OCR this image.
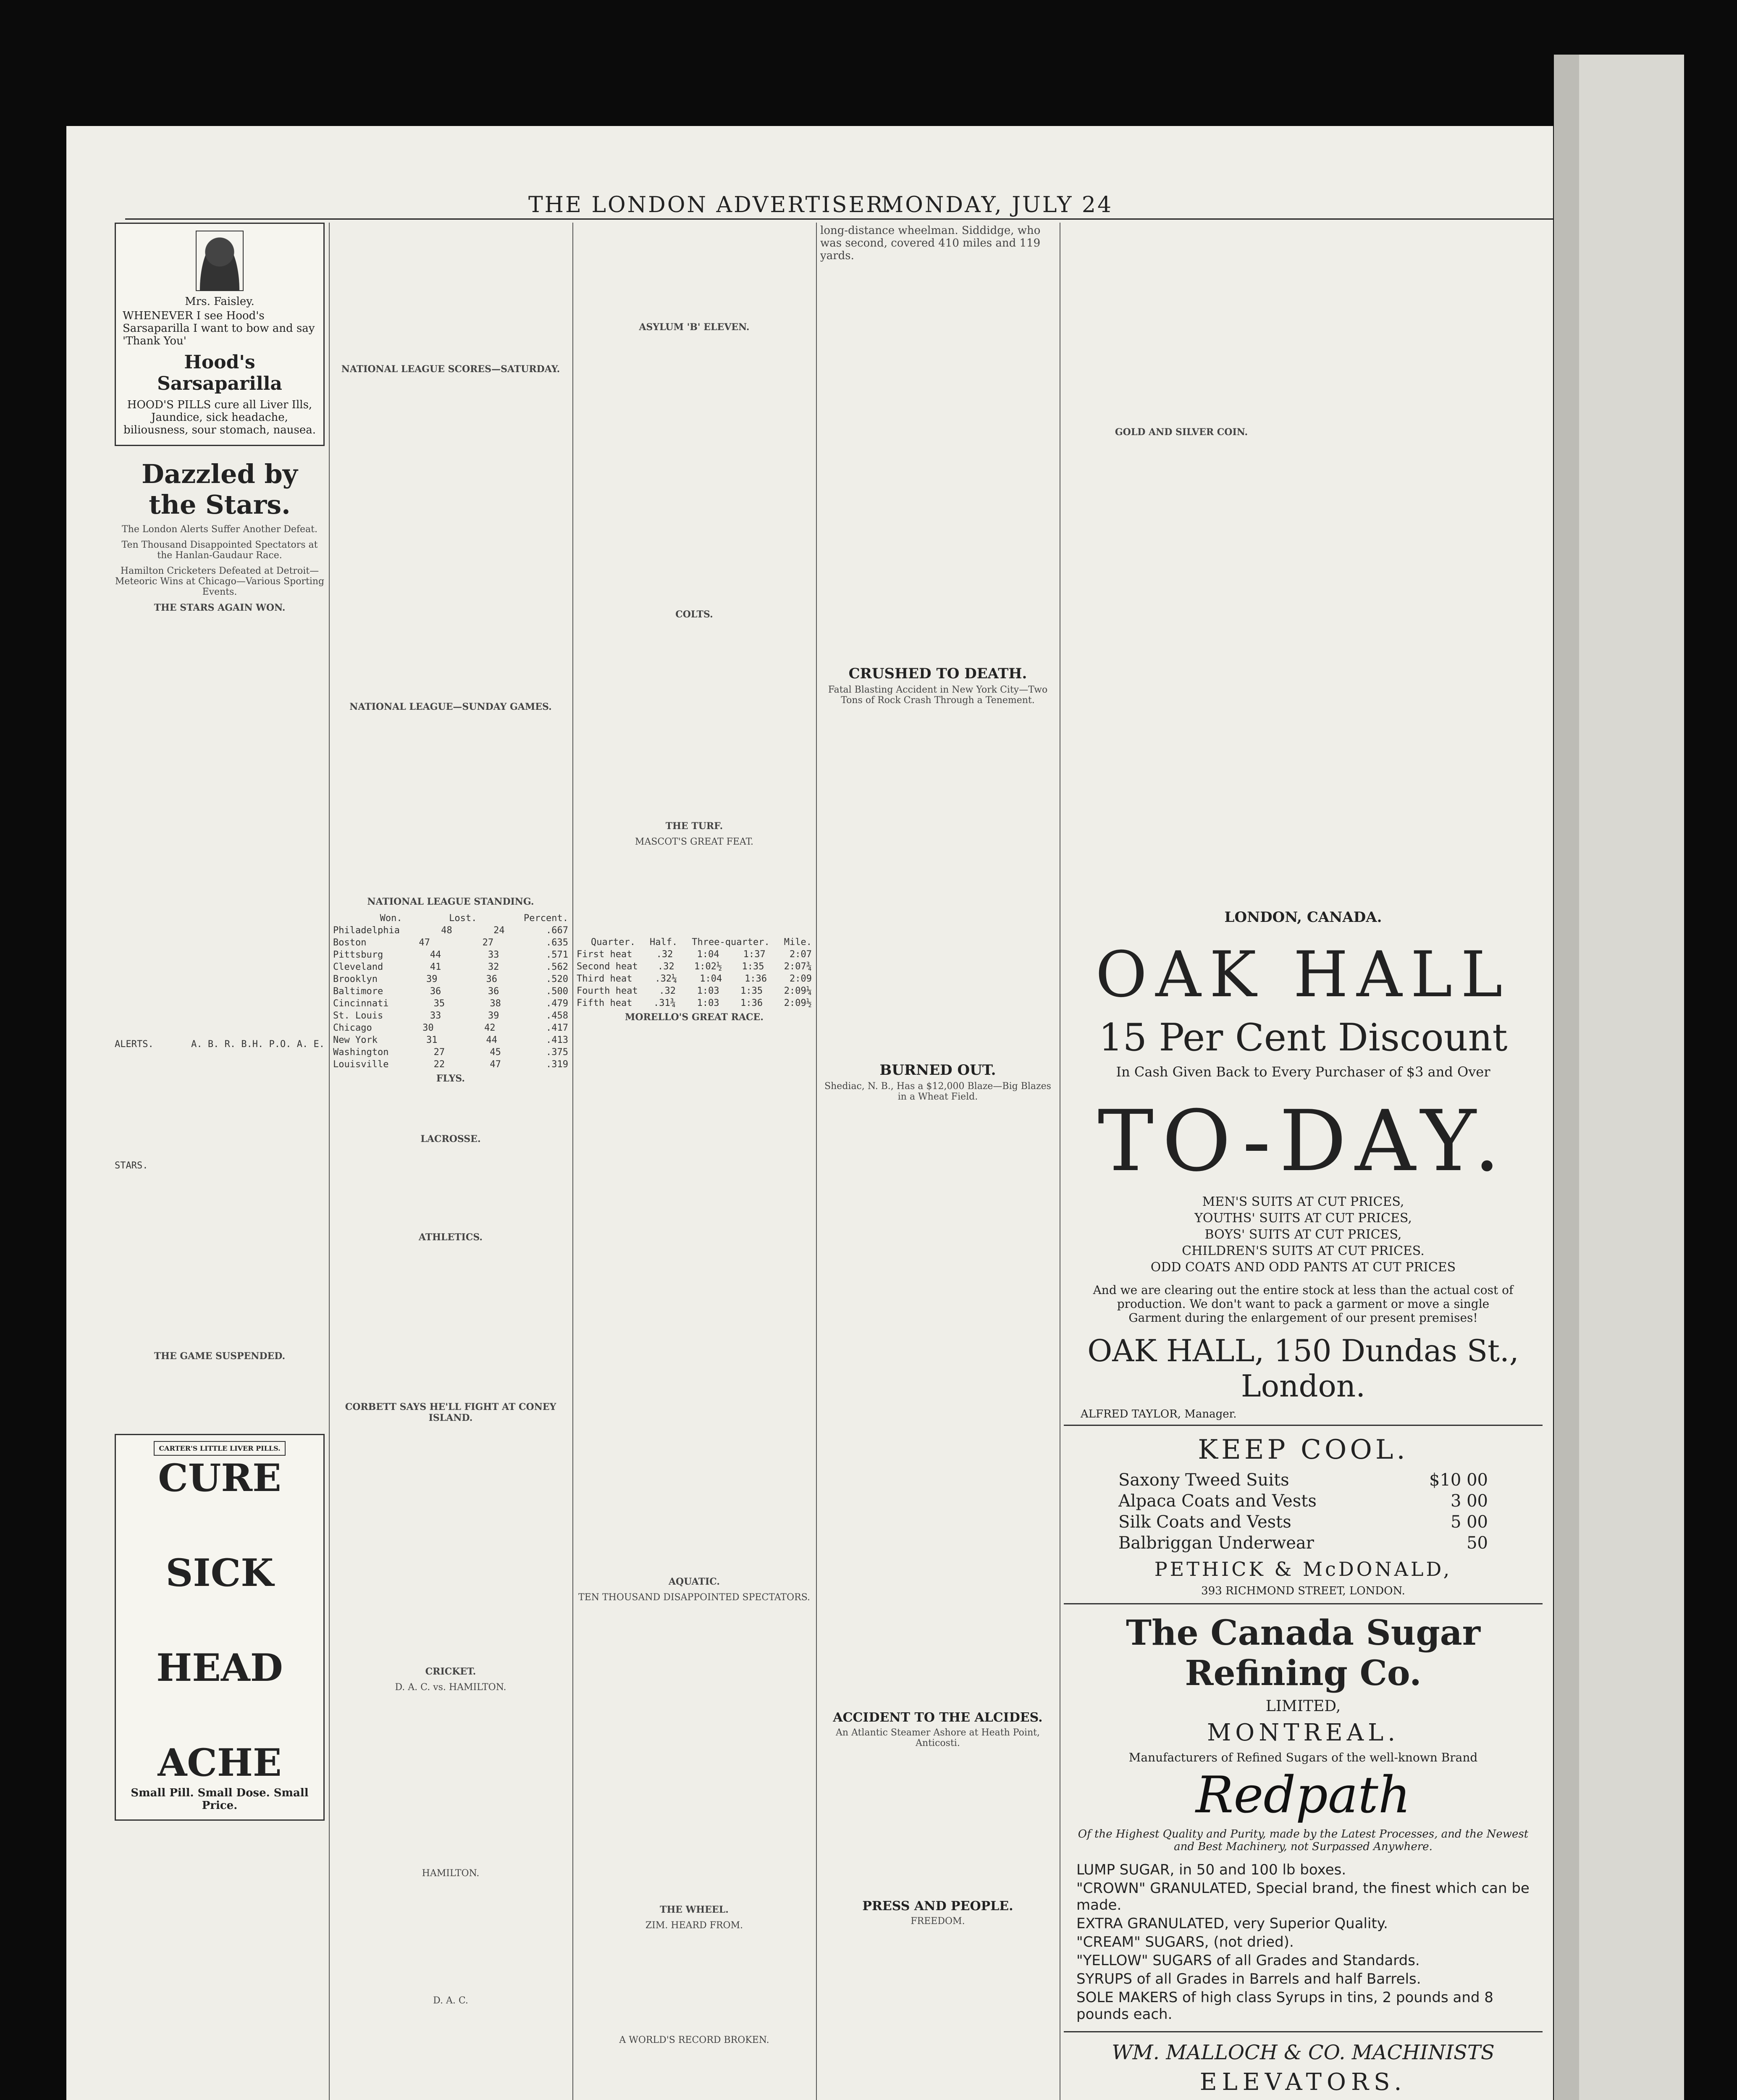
THE LONDON ADVERTISER.
MONDAY, JULY 24
Mrs. Faisley.
WHENEVER I see Hood's Sarsaparilla I want to bow and say 'Thank You'
Hood's Sarsaparilla
HOOD'S PILLS cure all Liver Ills, Jaundice, sick headache, biliousness, sour stomach, nausea.
Dazzled by the Stars.
The London Alerts Suffer Another Defeat.
Ten Thousand Disappointed Spectators at the Hanlan-Gaudaur Race.
Hamilton Cricketers Defeated at Detroit—Meteoric Wins at Chicago—Various Sporting Events.
THE STARS AGAIN WON.
ALERTS.	A. B. R. B.H. P.O. A. E.
STARS.
THE GAME SUSPENDED.
CARTER'S LITTLE LIVER PILLS.
CURE
SICK
HEAD
ACHE
Small Pill. Small Dose. Small Price.
NATIONAL LEAGUE SCORES—SATURDAY.
NATIONAL LEAGUE—SUNDAY GAMES.
NATIONAL LEAGUE STANDING.
Won.	Lost.	Percent.
Philadelphia	48	24	.667
Boston	47	27	.635
Pittsburg	44	33	.571
Cleveland	41	32	.562
Brooklyn	39	36	.520
Baltimore	36	36	.500
Cincinnati	35	38	.479
St. Louis	33	39	.458
Chicago	30	42	.417
New York	31	44	.413
Washington	27	45	.375
Louisville	22	47	.319
FLYS.
LACROSSE.
ATHLETICS.
CORBETT SAYS HE'LL FIGHT AT CONEY ISLAND.
CRICKET.
D. A. C. vs. HAMILTON.
HAMILTON.
D. A. C.
ASYLUM 'B' ELEVEN.
COLTS.
THE TURF.
MASCOT'S GREAT FEAT.
Quarter. Half. Three-quarter. Mile.
First heat	.32	1:04	1:37	2:07
Second heat .32 1:02½ 1:35 2:07¾
Third heat .32¼ 1:04 1:36 2:09
Fourth heat .32 1:03 1:35 2:09¼
Fifth heat .31¾ 1:03 1:36 2:09½
MORELLO'S GREAT RACE.
AQUATIC.
TEN THOUSAND DISAPPOINTED SPECTATORS.
THE WHEEL.
ZIM. HEARD FROM.
A WORLD'S RECORD BROKEN.
long-distance wheelman. Siddidge, who was second, covered 410 miles and 119 yards.
CRUSHED TO DEATH.
Fatal Blasting Accident in New York City—Two Tons of Rock Crash Through a Tenement.
BURNED OUT.
Shediac, N. B., Has a $12,000 Blaze—Big Blazes in a Wheat Field.
ACCIDENT TO THE ALCIDES.
An Atlantic Steamer Ashore at Heath Point, Anticosti.
PRESS AND PEOPLE.
FREEDOM.
GOLD AND SILVER COIN.
LONDON, CANADA.
OAK HALL
15 Per Cent Discount
In Cash Given Back to Every Purchaser of $3 and Over
TO-DAY.
MEN'S SUITS AT CUT PRICES,
YOUTHS' SUITS AT CUT PRICES,
BOYS' SUITS AT CUT PRICES,
CHILDREN'S SUITS AT CUT PRICES.
ODD COATS AND ODD PANTS AT CUT PRICES
And we are clearing out the entire stock at less than the actual cost of production. We don't want to pack a garment or move a single Garment during the enlargement of our present premises!
OAK HALL, 150 Dundas St., London.
ALFRED TAYLOR, Manager.
KEEP COOL.
Saxony Tweed Suits	$10 00
Alpaca Coats and Vests	3 00
Silk Coats and Vests	5 00
Balbriggan Underwear	50
PETHICK & McDONALD,
393 RICHMOND STREET, LONDON.
The Canada Sugar Refining Co.
LIMITED,
MONTREAL.
Manufacturers of Refined Sugars of the well-known Brand
Redpath
Of the Highest Quality and Purity, made by the Latest Processes, and the Newest and Best Machinery, not Surpassed Anywhere.
LUMP SUGAR, in 50 and 100 lb boxes.
"CROWN" GRANULATED, Special brand, the finest which can be made.
EXTRA GRANULATED, very Superior Quality.
"CREAM" SUGARS, (not dried).
"YELLOW" SUGARS of all Grades and Standards.
SYRUPS of all Grades in Barrels and half Barrels.
SOLE MAKERS of high class Syrups in tins, 2 pounds and 8 pounds each.
WM. MALLOCH & CO. MACHINISTS
ELEVATORS.
